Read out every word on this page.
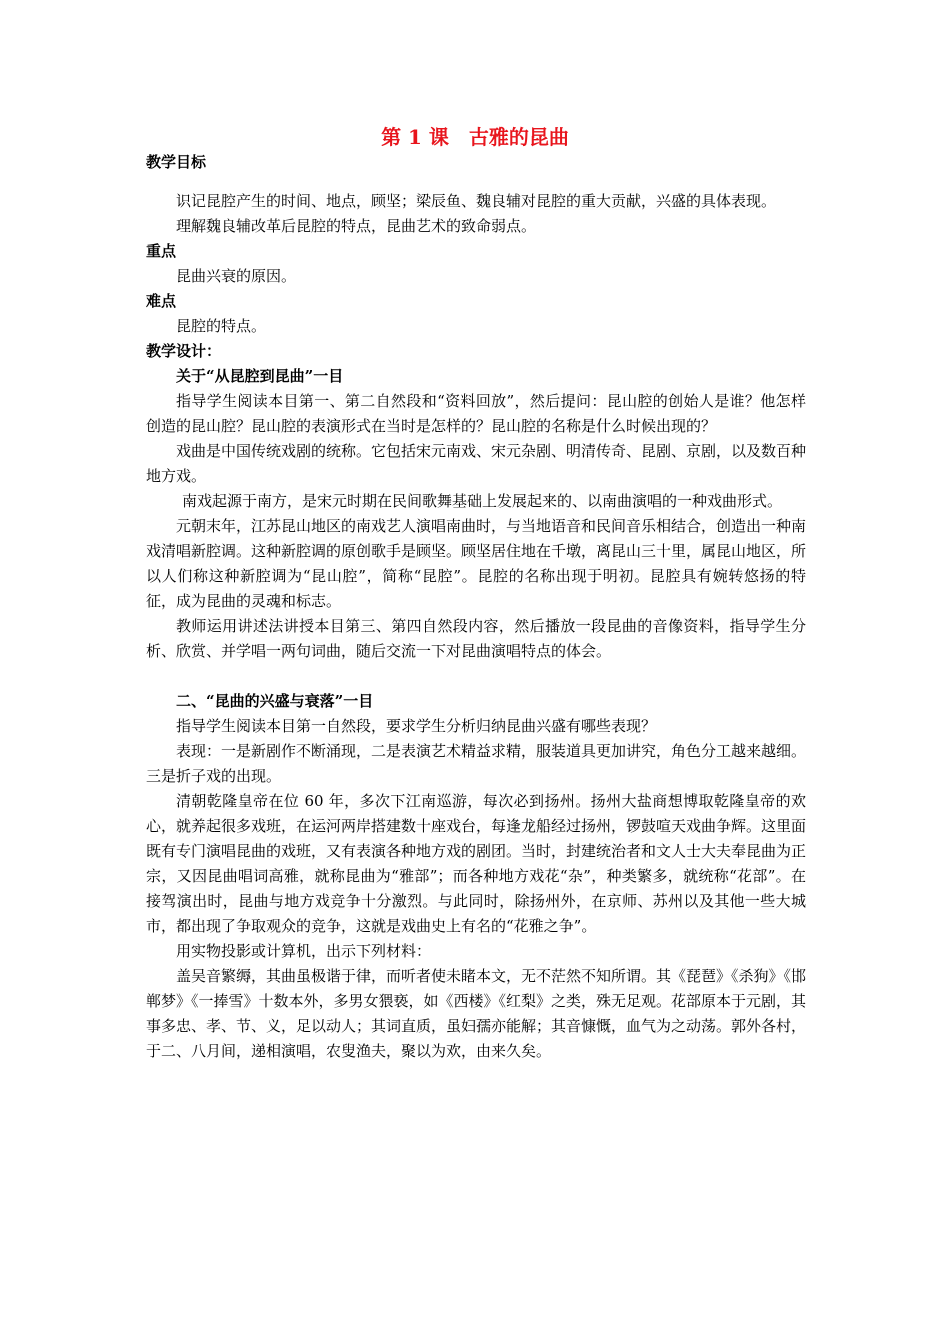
第 1 课　古雅的昆曲
教学目标

识记昆腔产生的时间、地点，顾坚；梁辰鱼、魏良辅对昆腔的重大贡献，兴盛的具体表现。

理解魏良辅改革后昆腔的特点，昆曲艺术的致命弱点。

重点

昆曲兴衰的原因。

难点

昆腔的特点。

教学设计：
关于“从昆腔到昆曲”一目

指导学生阅读本目第一、第二自然段和“资料回放”，然后提问：昆山腔的创始人是谁？他怎样创造的昆山腔？昆山腔的表演形式在当时是怎样的？昆山腔的名称是什么时候出现的？

戏曲是中国传统戏剧的统称。它包括宋元南戏、宋元杂剧、明清传奇、昆剧、京剧，以及数百种地方戏。

南戏起源于南方，是宋元时期在民间歌舞基础上发展起来的、以南曲演唱的一种戏曲形式。

元朝末年，江苏昆山地区的南戏艺人演唱南曲时，与当地语音和民间音乐相结合，创造出一种南戏清唱新腔调。这种新腔调的原创歌手是顾坚。顾坚居住地在千墩，离昆山三十里，属昆山地区，所以人们称这种新腔调为“昆山腔”，简称“昆腔”。昆腔的名称出现于明初。昆腔具有婉转悠扬的特征，成为昆曲的灵魂和标志。

教师运用讲述法讲授本目第三、第四自然段内容，然后播放一段昆曲的音像资料，指导学生分析、欣赏、并学唱一两句词曲，随后交流一下对昆曲演唱特点的体会。

二、“昆曲的兴盛与衰落”一目

指导学生阅读本目第一自然段，要求学生分析归纳昆曲兴盛有哪些表现？

表现：一是新剧作不断涌现，二是表演艺术精益求精，服装道具更加讲究，角色分工越来越细。三是折子戏的出现。

清朝乾隆皇帝在位 60 年，多次下江南巡游，每次必到扬州。扬州大盐商想博取乾隆皇帝的欢心，就养起很多戏班，在运河两岸搭建数十座戏台，每逢龙船经过扬州，锣鼓喧天戏曲争辉。这里面既有专门演唱昆曲的戏班，又有表演各种地方戏的剧团。当时，封建统治者和文人士大夫奉昆曲为正宗，又因昆曲唱词高雅，就称昆曲为“雅部”；而各种地方戏花“杂”，种类繁多，就统称“花部”。在接驾演出时，昆曲与地方戏竞争十分激烈。与此同时，除扬州外，在京师、苏州以及其他一些大城市，都出现了争取观众的竞争，这就是戏曲史上有名的“花雅之争”。

用实物投影或计算机，出示下列材料：

盖吴音繁缛，其曲虽极谐于律，而听者使未睹本文，无不茫然不知所谓。其《琵琶》《杀狗》《邯郸梦》《一捧雪》十数本外，多男女猥亵，如《西楼》《红梨》之类，殊无足观。花部原本于元剧，其事多忠、孝、节、义，足以动人；其词直质，虽妇孺亦能解；其音慷慨，血气为之动荡。郭外各村，于二、八月间，递相演唱，农叟渔夫，聚以为欢，由来久矣。
